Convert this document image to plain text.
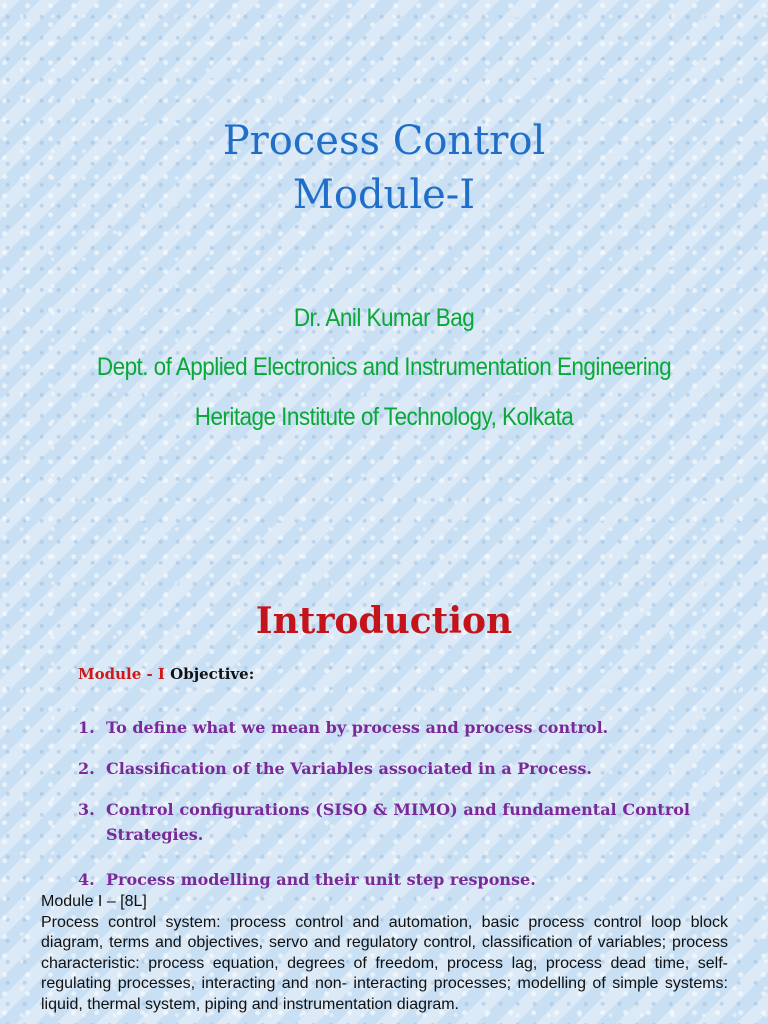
Process Control
Module-I
Dr. Anil Kumar Bag
Dept. of Applied Electronics and Instrumentation Engineering
Heritage Institute of Technology, Kolkata
Introduction
Module - I Objective:
1. To define what we mean by process and process control.
2. Classification of the Variables associated in a Process.
3. Control configurations (SISO & MIMO) and fundamental Control Strategies.
4. Process modelling and their unit step response.
Module I – [8L]
Process control system: process control and automation, basic process control loop block diagram, terms and objectives, servo and regulatory control, classification of variables; process characteristic: process equation, degrees of freedom, process lag, process dead time, self-regulating processes, interacting and non- interacting processes; modelling of simple systems: liquid, thermal system, piping and instrumentation diagram.
